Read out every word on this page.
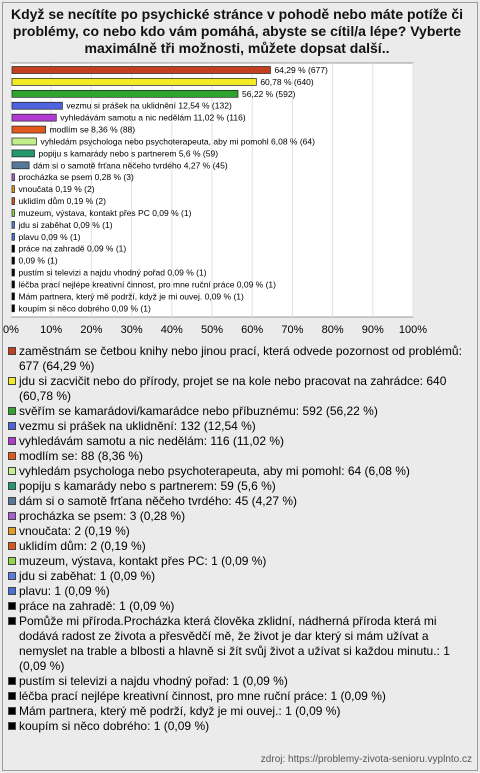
Když se necítíte po psychické stránce v pohodě nebo máte potíže či problémy, co nebo kdo vám pomáhá, abyste se cítil/a lépe? Vyberte maximálně tři možnosti, můžete dopsat další..
0% 10% 20% 30% 40% 50% 60% 70% 80% 90% 100%
64,29 % (677)
60,78 % (640)
56,22 % (592)
vezmu si prášek na uklidnění 12,54 % (132)
vyhledávám samotu a nic nedělám 11,02 % (116)
modlím se 8,36 % (88)
vyhledám psychologa nebo psychoterapeuta, aby mi pomohl 6,08 % (64)
popiju s kamarády nebo s partnerem 5,6 % (59)
dám si o samotě frťana něčeho tvrdého 4,27 % (45)
procházka se psem 0,28 % (3)
vnoučata 0,19 % (2)
uklidím dům 0,19 % (2)
muzeum, výstava, kontakt přes PC 0,09 % (1)
jdu si zaběhat 0,09 % (1)
plavu 0,09 % (1)
práce na zahradě 0,09 % (1)
0,09 % (1)
pustím si televizi a najdu vhodný pořad 0,09 % (1)
léčba prací nejlépe kreativní činnost, pro mne ruční práce 0,09 % (1)
Mám partnera, který mě podrží, když je mi ouvej. 0,09 % (1)
koupím si něco dobrého 0,09 % (1)
zaměstnám se četbou knihy nebo jinou prací, která odvede pozornost od problémů: 677 (64,29 %)
jdu si zacvičit nebo do přírody, projet se na kole nebo pracovat na zahrádce: 640 (60,78 %)
svěřím se kamarádovi/kamarádce nebo příbuznému: 592 (56,22 %)
vezmu si prášek na uklidnění: 132 (12,54 %)
vyhledávám samotu a nic nedělám: 116 (11,02 %)
modlím se: 88 (8,36 %)
vyhledám psychologa nebo psychoterapeuta, aby mi pomohl: 64 (6,08 %)
popiju s kamarády nebo s partnerem: 59 (5,6 %)
dám si o samotě frťana něčeho tvrdého: 45 (4,27 %)
procházka se psem: 3 (0,28 %)
vnoučata: 2 (0,19 %)
uklidím dům: 2 (0,19 %)
muzeum, výstava, kontakt přes PC: 1 (0,09 %)
jdu si zaběhat: 1 (0,09 %)
plavu: 1 (0,09 %)
práce na zahradě: 1 (0,09 %)
Pomůže mi příroda.Procházka která člověka zklidní, nádherná příroda která mi dodává radost ze života a přesvědčí mě, že život je dar který si mám užívat a nemyslet na trable a blbosti a hlavně si žít svůj život a užívat si každou minutu.: 1 (0,09 %)
pustím si televizi a najdu vhodný pořad: 1 (0,09 %)
léčba prací nejlépe kreativní činnost, pro mne ruční práce: 1 (0,09 %)
Mám partnera, který mě podrží, když je mi ouvej.: 1 (0,09 %)
koupím si něco dobrého: 1 (0,09 %)
zdroj: https://problemy-zivota-senioru.vyplnto.cz
